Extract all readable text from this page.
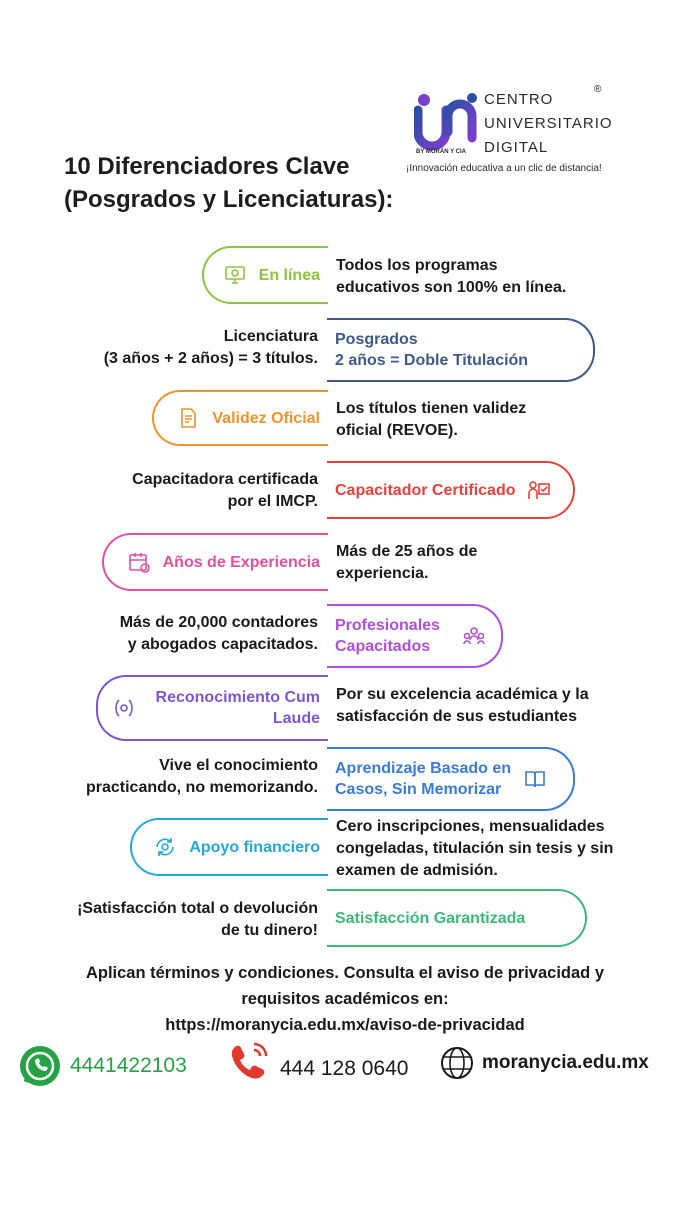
10 Diferenciadores Clave
(Posgrados y Licenciaturas):
CENTRO
UNIVERSITARIO
DIGITAL
®
BY MORÁN Y CIA
¡Innovación educativa a un clic de distancia!
En línea
Todos los programas
educativos son 100% en línea.
Licenciatura
(3 años + 2 años) = 3 títulos.
Posgrados
2 años = Doble Titulación
Validez Oficial
Los títulos tienen validez
oficial (REVOE).
Capacitadora certificada
por el IMCP.
Capacitador Certificado
Años de Experiencia
Más de 25 años de
experiencia.
Más de 20,000 contadores
y abogados capacitados.
Profesionales
Capacitados
Reconocimiento Cum
Laude
Por su excelencia académica y la
satisfacción de sus estudiantes
Vive el conocimiento
practicando, no memorizando.
Aprendizaje Basado en
Casos, Sin Memorizar
Apoyo financiero
Cero inscripciones, mensualidades
congeladas, titulación sin tesis y sin
examen de admisión.
¡Satisfacción total o devolución
de tu dinero!
Satisfacción Garantizada
Aplican términos y condiciones. Consulta el aviso de privacidad y
requisitos académicos en:
https://moranycia.edu.mx/aviso-de-privacidad
4441422103	444 128 0640	moranycia.edu.mx
